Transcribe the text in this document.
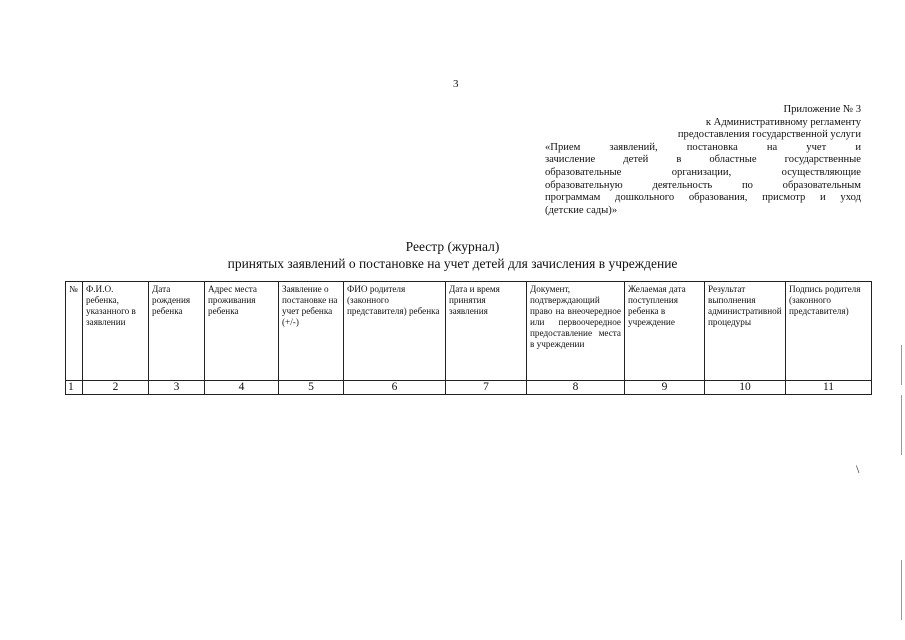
3
Приложение № 3
к Административному регламенту
предоставления государственной услуги
«Прием заявлений, постановка на учет и
зачисление детей в областные государственные
образовательные организации, осуществляющие
образовательную деятельность по образовательным
программам дошкольного образования, присмотр и уход
(детские сады)»
Реестр (журнал)
принятых заявлений о постановке на учет детей для зачисления в учреждение
№	Ф.И.О. ребенка, указанного в заявлении	Дата рождения ребенка	Адрес места проживания ребенка	Заявление о постановке на учет ребенка (+/-)	ФИО родителя (законного представителя) ребенка	Дата и время принятия заявления	Документ, подтверждающий право на внеочередное или первоочередное предоставление места в учреждении	Желаемая дата поступления ребенка в учреждение	Результат выполнения административной процедуры	Подпись родителя (законного представителя)
1	2	3	4	5	6	7	8	9	10	11
\
